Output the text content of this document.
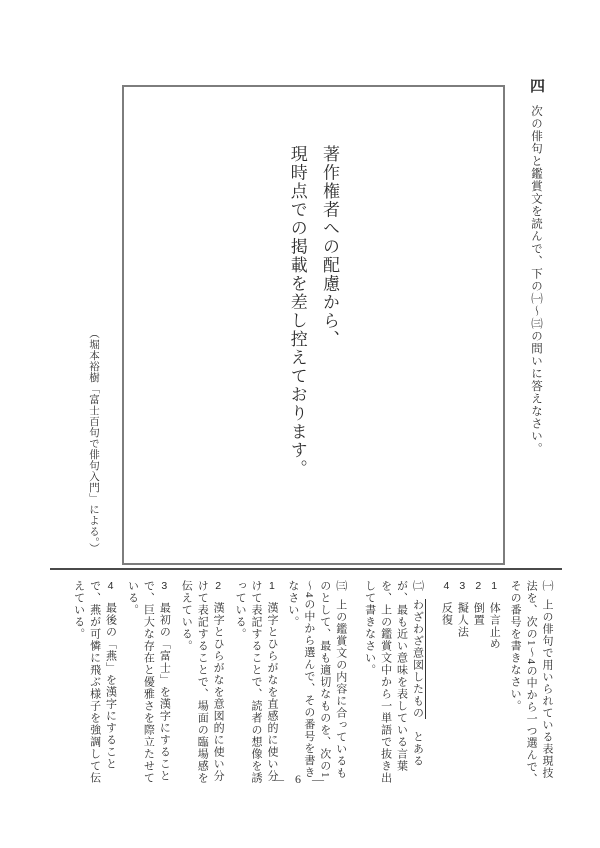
四次の俳句と鑑賞文を読んで、下の㈠～㈢の問いに答えなさい。
著作権者への配慮から、
現時点での掲載を差し控えております。
（堀本裕樹「富士百句で俳句入門」による。）
㈠上の俳句で用いられている表現技法を、次の1～4の中から一つ選んで、その番号を書きなさい。
1体言止め
2倒置
3擬人法
4反復
㈡わざわざ意図したもの　とあるが、最も近い意味を表している言葉を、上の鑑賞文中から一単語で抜き出して書きなさい。
㈢上の鑑賞文の内容に合っているものとして、最も適切なものを、次の1～4の中から選んで、その番号を書きなさい。
1漢字とひらがなを直感的に使い分けて表記することで、読者の想像を誘っている。
2漢字とひらがなを意図的に使い分けて表記することで、場面の臨場感を伝えている。
3最初の「富士」を漢字にすることで、巨大な存在と優雅さを際立たせている。
4最後の「燕」を漢字にすることで、燕が可憐に飛ぶ様子を強調して伝えている。
— 6 —
